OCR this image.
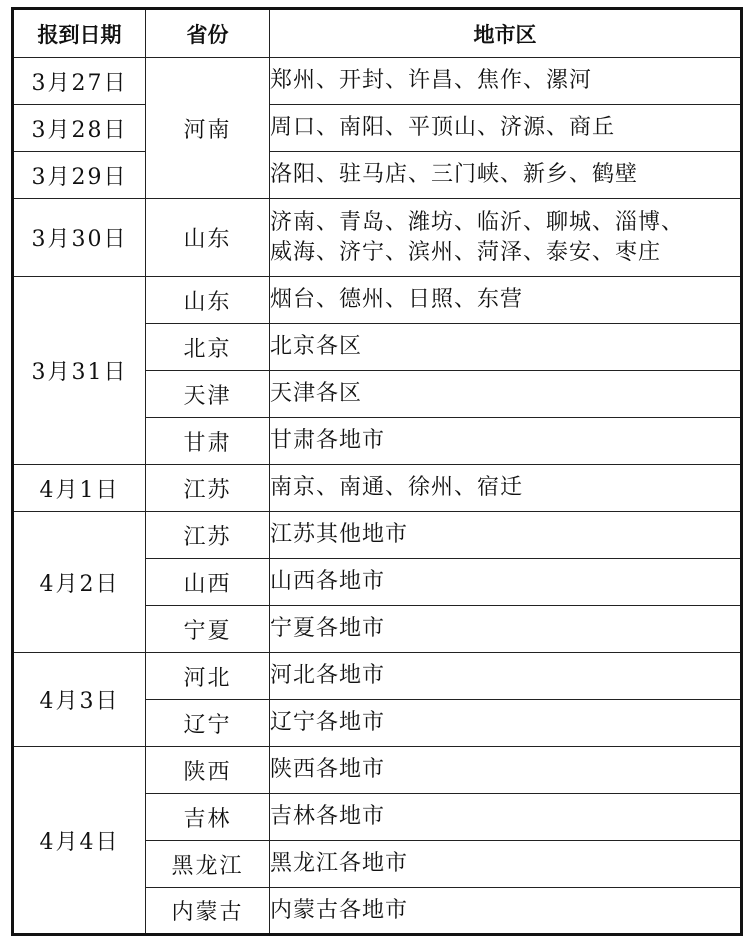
报到日期	省份	地市区
3月27日	河南	郑州、开封、许昌、焦作、漯河
3月28日		周口、南阳、平顶山、济源、商丘
3月29日		洛阳、驻马店、三门峡、新乡、鹤壁
3月30日	山东	济南、青岛、潍坊、临沂、聊城、淄博、
威海、济宁、滨州、菏泽、泰安、枣庄

3月31日	山东	烟台、德州、日照、东营
	北京	北京各区
	天津	天津各区
	甘肃	甘肃各地市
4月1日	江苏	南京、南通、徐州、宿迁
4月2日	江苏	江苏其他地市
	山西	山西各地市
	宁夏	宁夏各地市
4月3日	河北	河北各地市
	辽宁	辽宁各地市
4月4日	陕西	陕西各地市
	吉林	吉林各地市
	黑龙江	黑龙江各地市
	内蒙古	内蒙古各地市
